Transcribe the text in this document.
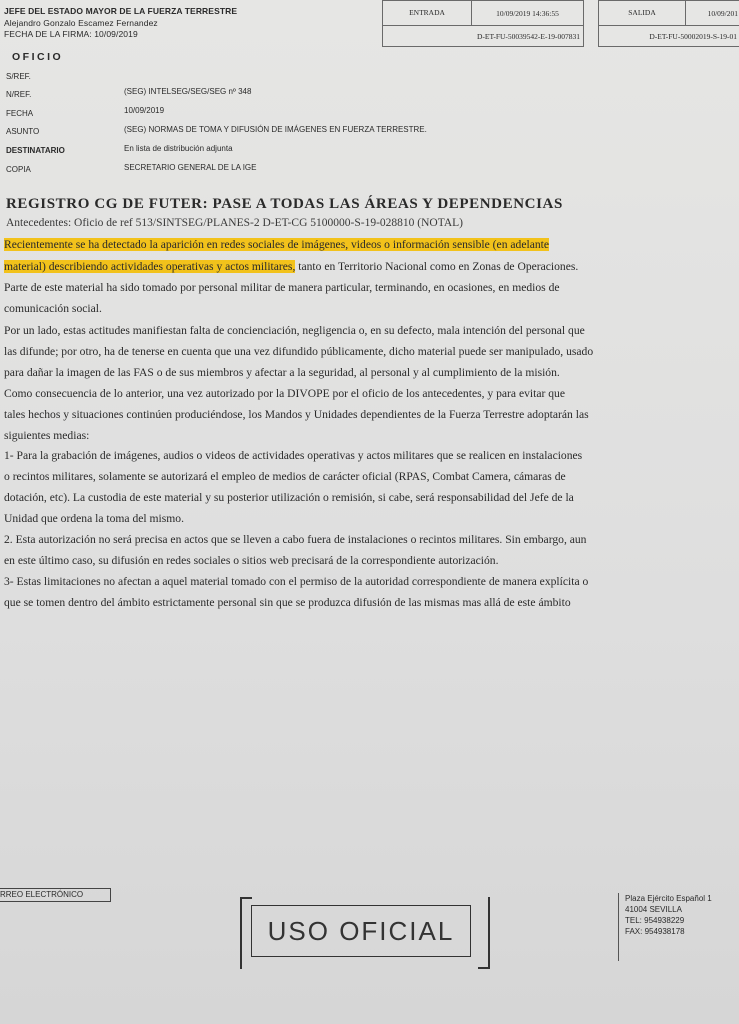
JEFE DEL ESTADO MAYOR DE LA FUERZA TERRESTRE
Alejandro Gonzalo Escamez Fernandez
FECHA DE LA FIRMA: 10/09/2019
ENTRADA	10/09/2019 14:36:55
D-ET-FU-50039542-E-19-007831
SALIDA	10/09/201
D-ET-FU-50002019-S-19-01
OFICIO
S/REF.
N/REF.	(SEG) INTELSEG/SEG/SEG nº 348
FECHA	10/09/2019
ASUNTO	(SEG) NORMAS DE TOMA Y DIFUSIÓN DE IMÁGENES EN FUERZA TERRESTRE.
DESTINATARIO	En lista de distribución adjunta
COPIA	SECRETARIO GENERAL DE LA IGE
REGISTRO CG DE FUTER: PASE A TODAS LAS ÁREAS Y DEPENDENCIAS
Antecedentes: Oficio de ref 513/SINTSEG/PLANES-2 D-ET-CG 5100000-S-19-028810 (NOTAL)
Recientemente se ha detectado la aparición en redes sociales de imágenes, videos o información sensible (en adelante
material) describiendo actividades operativas y actos militares, tanto en Territorio Nacional como en Zonas de Operaciones.
Parte de este material ha sido tomado por personal militar de manera particular, terminando, en ocasiones, en medios de
comunicación social.
Por un lado, estas actitudes manifiestan falta de concienciación, negligencia o, en su defecto, mala intención del personal que
las difunde; por otro, ha de tenerse en cuenta que una vez difundido públicamente, dicho material puede ser manipulado, usado
para dañar la imagen de las FAS o de sus miembros y afectar a la seguridad, al personal y al cumplimiento de la misión.
Como consecuencia de lo anterior, una vez autorizado por la DIVOPE por el oficio de los antecedentes, y para evitar que
tales hechos y situaciones continúen produciéndose, los Mandos y Unidades dependientes de la Fuerza Terrestre adoptarán las
siguientes medias:
1- Para la grabación de imágenes, audios o videos de actividades operativas y actos militares que se realicen en instalaciones
o recintos militares, solamente se autorizará el empleo de medios de carácter oficial (RPAS, Combat Camera, cámaras de
dotación, etc). La custodia de este material y su posterior utilización o remisión, si cabe, será responsabilidad del Jefe de la
Unidad que ordena la toma del mismo.
2. Esta autorización no será precisa en actos que se lleven a cabo fuera de instalaciones o recintos militares. Sin embargo, aun
en este último caso, su difusión en redes sociales o sitios web precisará de la correspondiente autorización.
3- Estas limitaciones no afectan a aquel material tomado con el permiso de la autoridad correspondiente de manera explícita o
que se tomen dentro del ámbito estrictamente personal sin que se produzca difusión de las mismas mas allá de este ámbito
RREO ELECTRÓNICO
USO OFICIAL
Plaza Ejército Español 1
41004 SEVILLA
TEL: 954938229
FAX: 954938178
